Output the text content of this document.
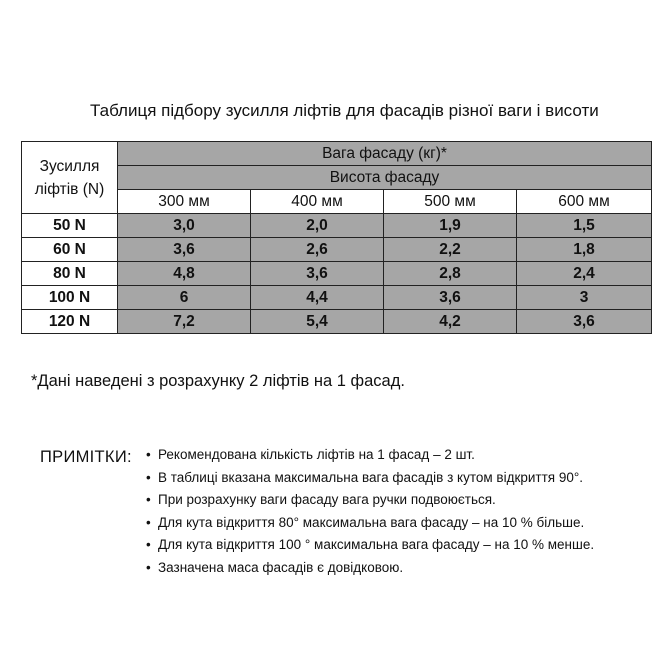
Таблиця підбору зусилля ліфтів для фасадів різної ваги і висоти
Зусилля
ліфтів (N)	Вага фасаду (кг)*			
	Висота фасаду			
	300 мм	400 мм	500 мм	600 мм
50 N	3,0	2,0	1,9	1,5
60 N	3,6	2,6	2,2	1,8
80 N	4,8	3,6	2,8	2,4
100 N	6	4,4	3,6	3
120 N	7,2	5,4	4,2	3,6
*Дані наведені з розрахунку 2 ліфтів на 1 фасад.
ПРИМІТКИ: • Рекомендована кількість ліфтів на 1 фасад – 2 шт.
• В таблиці вказана максимальна вага фасадів з кутом відкриття 90°.
• При розрахунку ваги фасаду вага ручки подвоюється.
• Для кута відкриття 80° максимальна вага фасаду – на 10 % більше.
• Для кута відкриття 100 ° максимальна вага фасаду – на 10 % менше.
• Зазначена маса фасадів є довідковою.
